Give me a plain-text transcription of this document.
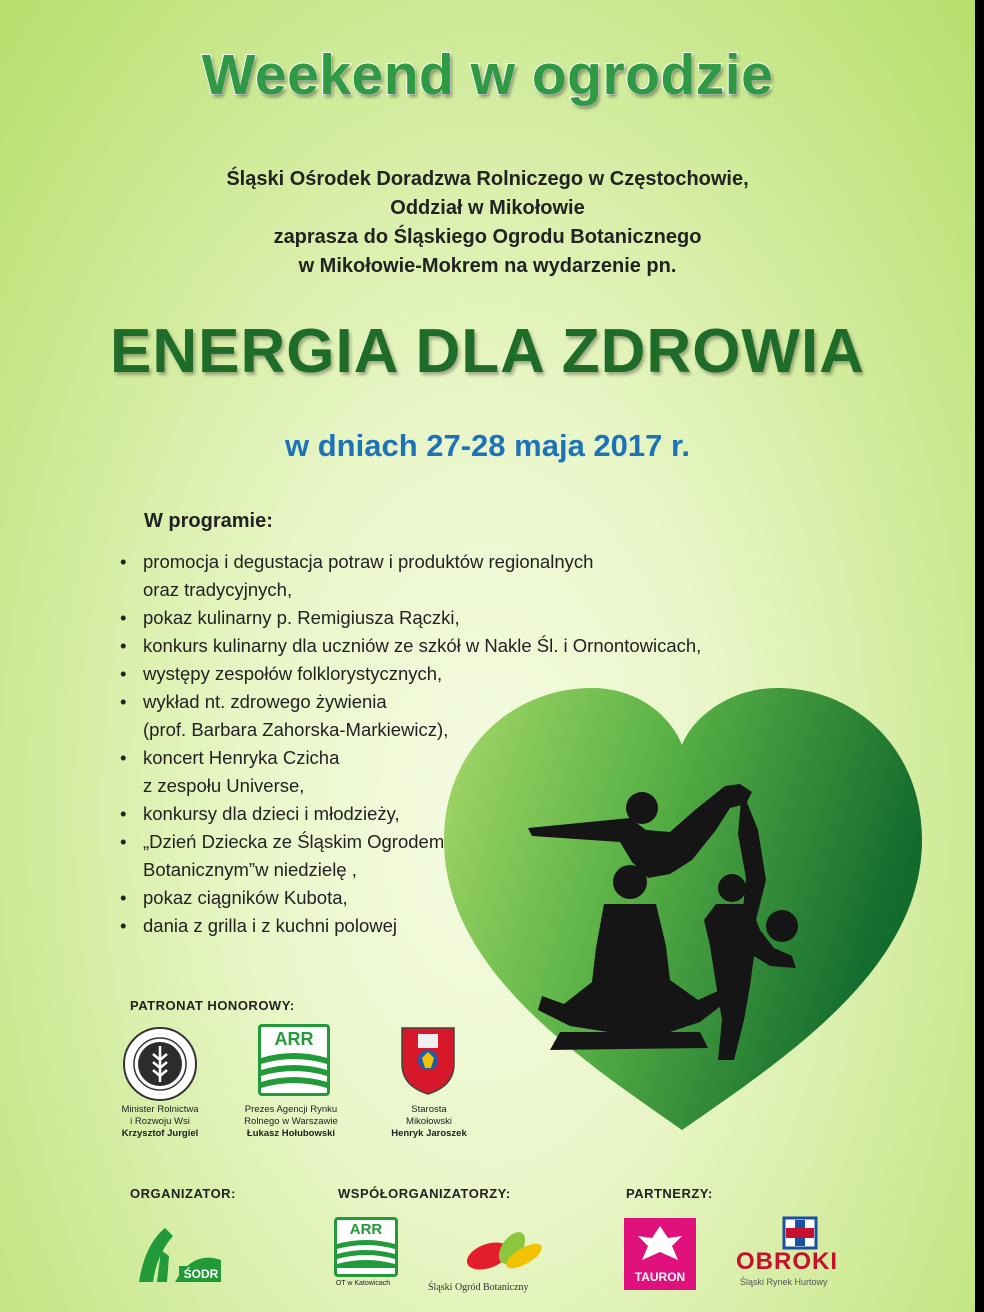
Weekend w ogrodzie
Śląski Ośrodek Doradzwa Rolniczego w Częstochowie,
Oddział w Mikołowie
zaprasza do Śląskiego Ogrodu Botanicznego
w Mikołowie-Mokrem na wydarzenie pn.
ENERGIA DLA ZDROWIA
w dniach 27-28 maja 2017 r.
W programie:
• promocja i degustacja potraw i produktów regionalnych
oraz tradycyjnych,
• pokaz kulinarny p. Remigiusza Rączki,
• konkurs kulinarny dla uczniów ze szkół w Nakle Śl. i Ornontowicach,
• występy zespołów folklorystycznych,
• wykład nt. zdrowego żywienia
(prof. Barbara Zahorska-Markiewicz),
• koncert Henryka Czicha
z zespołu Universe,
• konkursy dla dzieci i młodzieży,
• „Dzień Dziecka ze Śląskim Ogrodem
Botanicznym”w niedzielę ,
• pokaz ciągników Kubota,
• dania z grilla i z kuchni polowej
PATRONAT HONOROWY:
Minister Rolnictwa
i Rozwoju Wsi
Krzysztof Jurgiel
ARR
Prezes Agencji Rynku
Rolnego w Warszawie
Łukasz Hołubowski
Starosta
Mikołowski
Henryk Jaroszek
ORGANIZATOR:	WSPÓŁORGANIZATORZY:	PARTNERZY:
ŚODR
ARR
OT w Katowicach	Śląski Ogród Botaniczny
TAURON
OBROKI
Śląski Rynek Hurtowy
